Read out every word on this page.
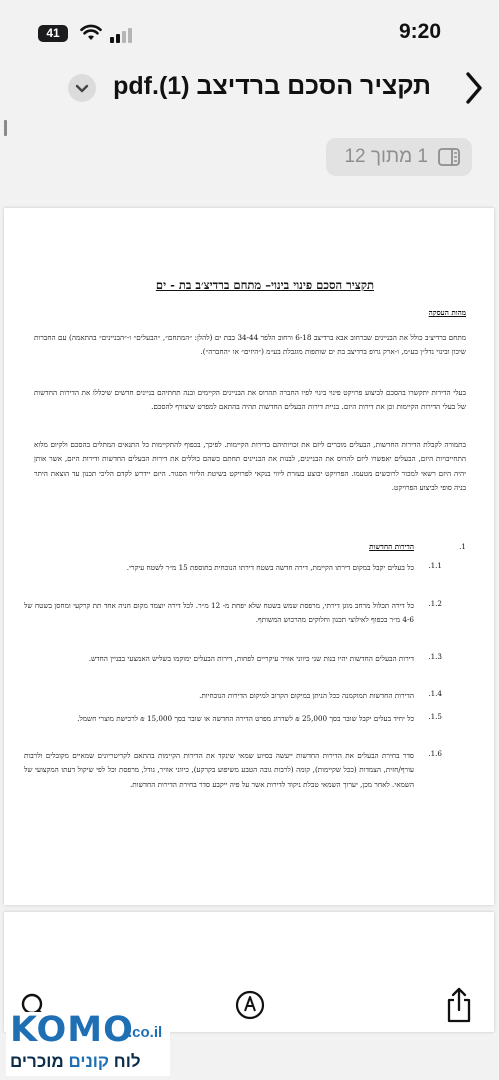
41	9:20
תקציר הסכם ברדיצב (1).pdf
1 מתוך 12
תקציר הסכם פינוי בינוי– מתחם ברדיצ׳ב בת - ים
מהות העסקה
מתחם ברדיצ׳ב כולל את הבניינים שברחוב אבא ברדיצב 6-18 ורחוב הלפר 34-44 בבת ים (להלן: ״המתחם״, ״הבעלים״ ו-״הבניינים״ בהתאמה) עם החברות שיכון ובינוי נדל״ן בע״מ, ו-ארק גרופ ברדיצב בת ים שותפות מוגבלת בע״מ (״היזים״ או ״החברה״).
בעלי הדירות יתקשרו בהסכם לביצוע פרויקט פינוי בינוי לפיו החברה תהרוס את הבניינים הקיימים ובנה תחתיהם בניינים חדשים שיכללו את הדירות החדשות של בעלי הדירות הקיימות וכן את דירות היזם. בניית דירות הבעלים החדשות תהיה בהתאם למפרט שיצורף להסכם.
בתמורה לקבלת הדירות החדשות, הבעלים מוכרים ליזם את זכויותיהם בדירות הקיימות. לפיכך, בכפוף להתקיימות כל התנאים המתלים בהסכם ולקיום מלוא התחייבויות היזם, הבעלים יאפשרו ליזם להרוס את הבניינים, לבנות את הבניינים תחתם כשהם כוללים את דירות הבעלים החדשות ודירות היזם, אשר אותן יהיה היזם רשאי למכור לרוכשים מטעמו. הפרויקט יבוצע בעזרת ליווי בנקאי לפרויקט בשיטת הליווי הסגור. היזם יידרש לקדם הליכי תכנון עד הוצאת היתר בניה סופי לביצוע הפרויקט.
1.
הדירות החדשות
1.1.
כל בעלים יקבל במקום דירתו הקיימת, דירה חדשה בשטח דירתו הנוכחית בתוספת 15 מ״ר לשטח עיקרי.
1.2.
כל דירה תכלול מרחב מוגן דירתי, מרפסת שמש בשטח שלא יפחת מ- 12 מ״ר. לכל דירה יוצמד מקום חניה אחד תת קרקעי ומחסן בשטח של 4-6 מ״ר בכפוף לאילוצי תכנון וחלוקים מהרכוש המשותף.
1.3.
דירות הבעלים החדשות יהיו בנות שני כיווני אוויר עיקריים לפחות, דירות הבעלים ימוקמו בשליש האמצעי בבניין החדש.
1.4.
הדירות החדשות תמוקמנה ככל הניתן במיקום הקרוב למיקום הדירות הנוכחיות.
1.5.
כל יחיד בעלים יקבל שובר בסך 25,000 ₪ לשדרוג מפרט הדירה החדשה או שובר בסך 15,000 ₪ לרכישת מוצרי חשמל.
1.6.
סדר בחירת הבעלים את הדירות החדשות ייעשה בסיוע שמאי שינקד את הדירות הקיימות בהתאם לקריטריונים שמאיים מקובלים ולרבות עורף/חזית, הצמדות (ככל שקיימות), קומה (לרבות גובה הטבע משיפוע בקרקע), כיווני אוויר, גודל, מרפסת וכל לפי שיקול דעתו המקצועי של השמאי. לאחר מכן, יערוך השמאי טבלת ניקוד לדירות אשר על פיה ייקבע סדר בחירת הדירות החדשות.
KOMO
.co.il
לוח קונים מוכרים
